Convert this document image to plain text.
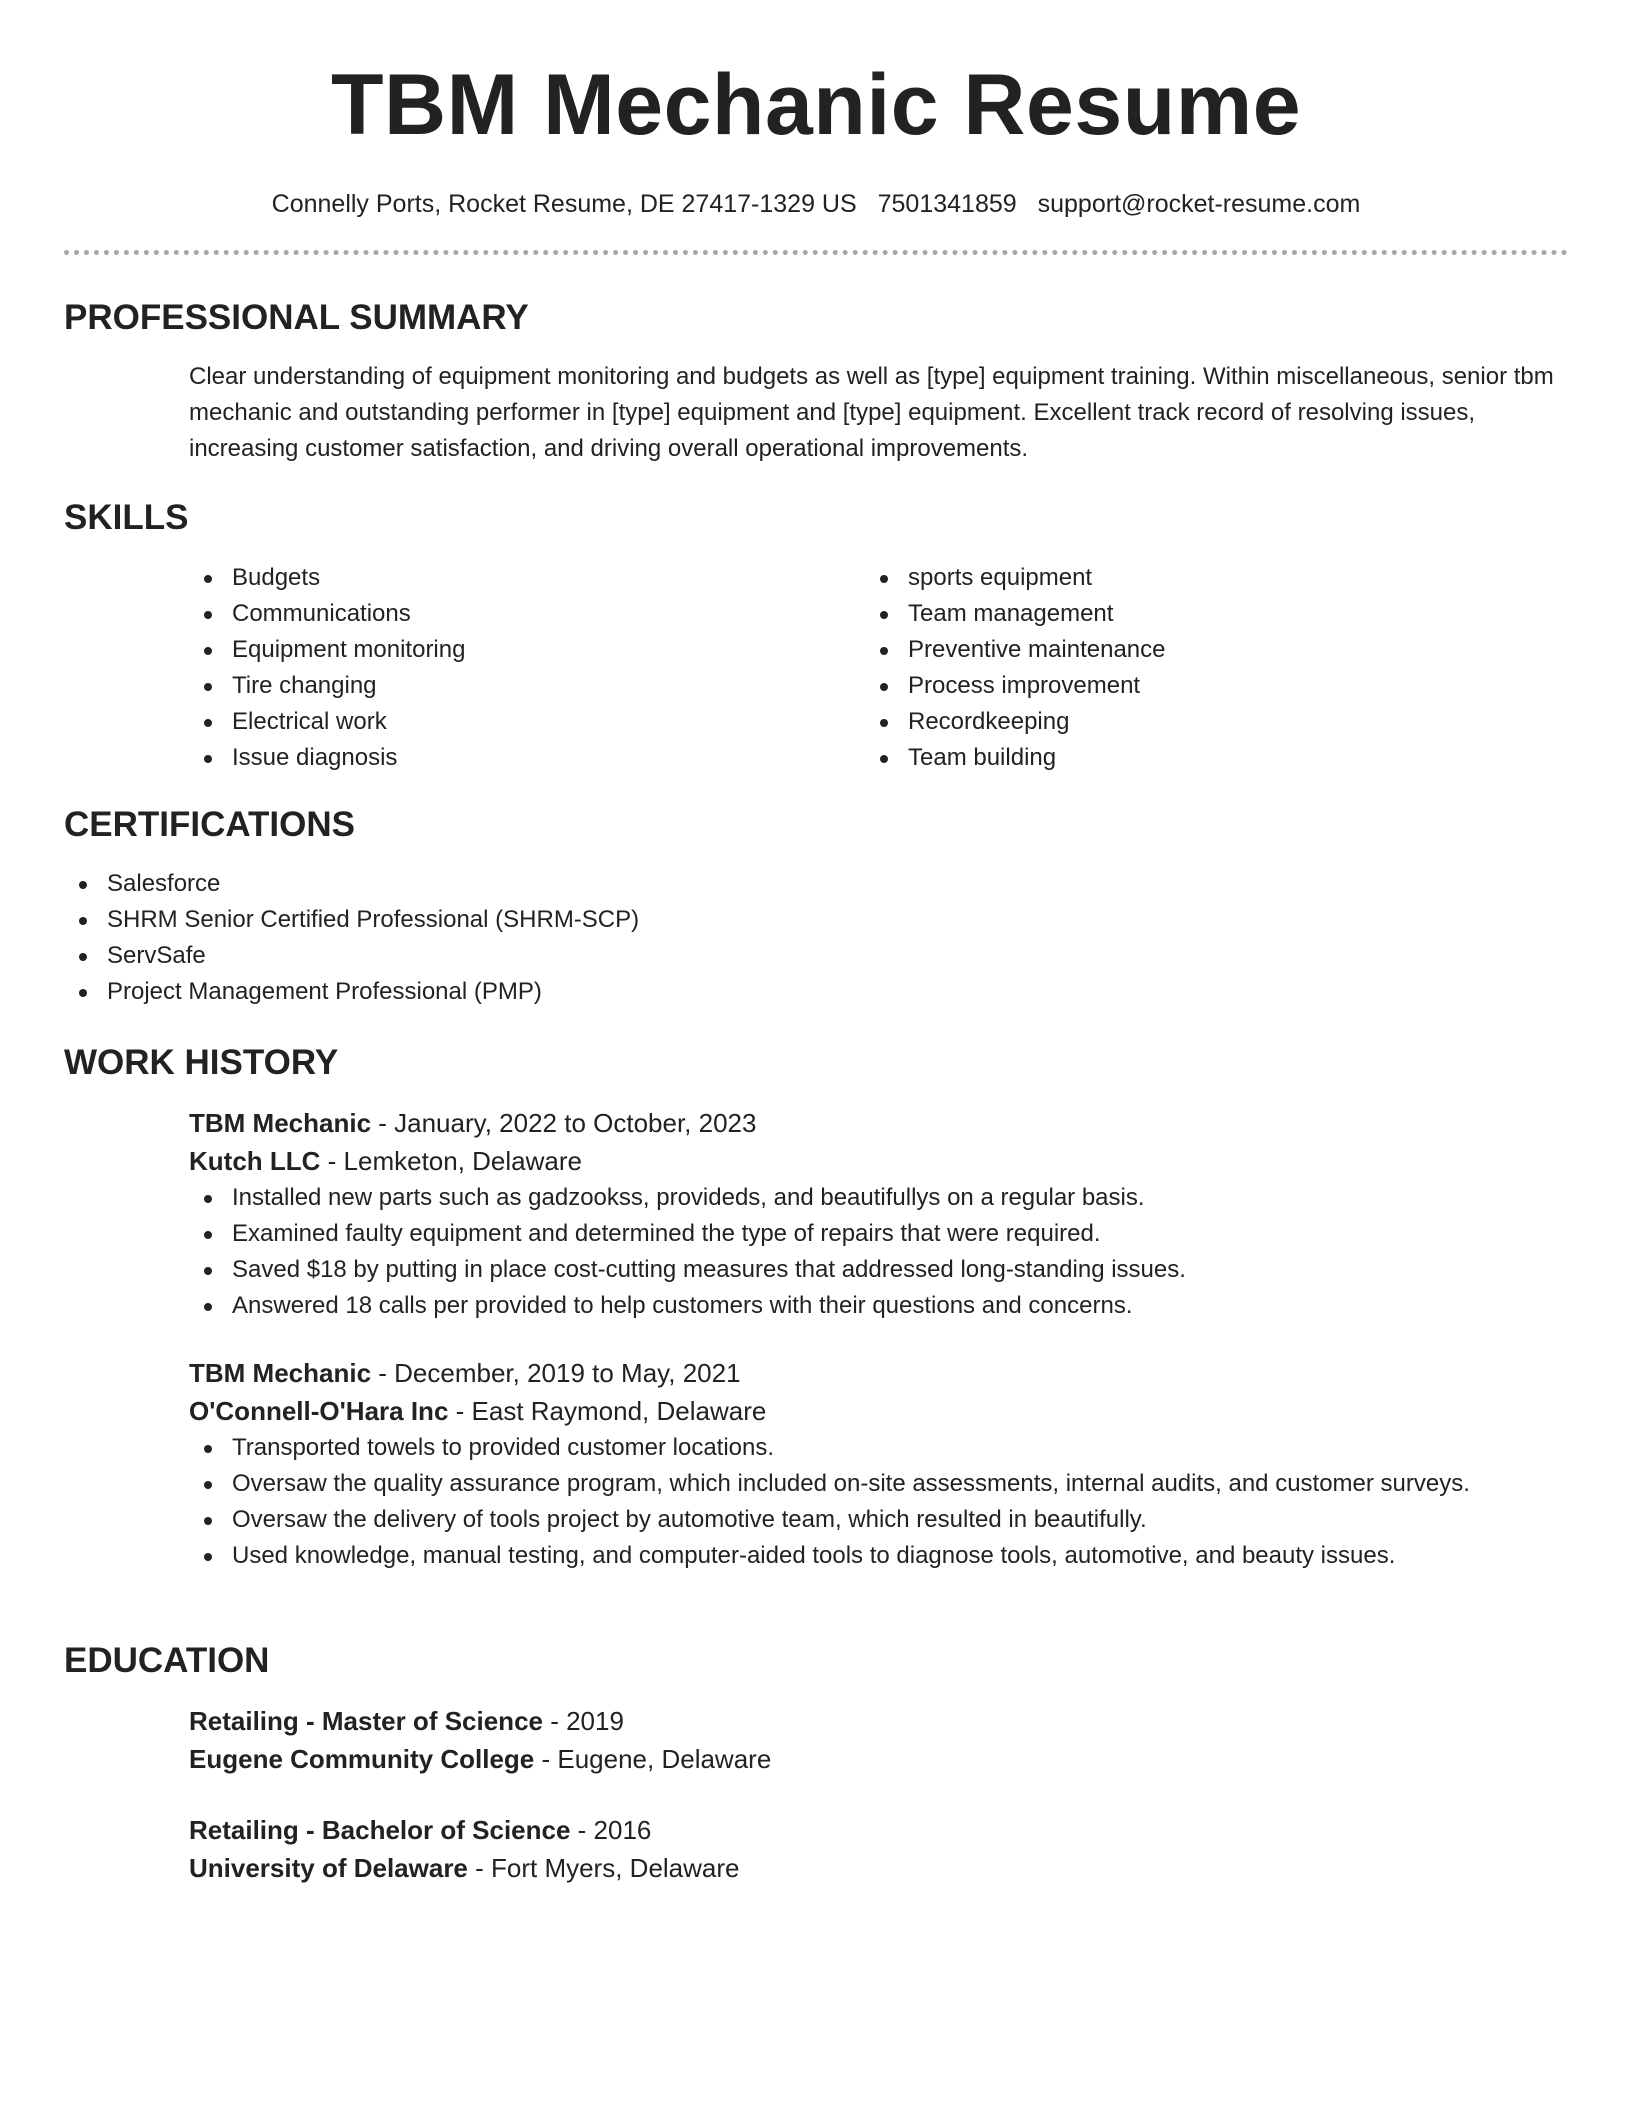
TBM Mechanic Resume
Connelly Ports, Rocket Resume, DE 27417-1329 US 7501341859 support@rocket-resume.com
PROFESSIONAL SUMMARY
Clear understanding of equipment monitoring and budgets as well as [type] equipment training. Within miscellaneous, senior tbm mechanic and outstanding performer in [type] equipment and [type] equipment. Excellent track record of resolving issues, increasing customer satisfaction, and driving overall operational improvements.
SKILLS
Budgets
Communications
Equipment monitoring
Tire changing
Electrical work
Issue diagnosis
sports equipment
Team management
Preventive maintenance
Process improvement
Recordkeeping
Team building
CERTIFICATIONS
Salesforce
SHRM Senior Certified Professional (SHRM-SCP)
ServSafe
Project Management Professional (PMP)
WORK HISTORY
TBM Mechanic - January, 2022 to October, 2023
Kutch LLC - Lemketon, Delaware
Installed new parts such as gadzookss, provideds, and beautifullys on a regular basis.
Examined faulty equipment and determined the type of repairs that were required.
Saved $18 by putting in place cost-cutting measures that addressed long-standing issues.
Answered 18 calls per provided to help customers with their questions and concerns.
TBM Mechanic - December, 2019 to May, 2021
O'Connell-O'Hara Inc - East Raymond, Delaware
Transported towels to provided customer locations.
Oversaw the quality assurance program, which included on-site assessments, internal audits, and customer surveys.
Oversaw the delivery of tools project by automotive team, which resulted in beautifully.
Used knowledge, manual testing, and computer-aided tools to diagnose tools, automotive, and beauty issues.
EDUCATION
Retailing - Master of Science - 2019
Eugene Community College - Eugene, Delaware
Retailing - Bachelor of Science - 2016
University of Delaware - Fort Myers, Delaware
